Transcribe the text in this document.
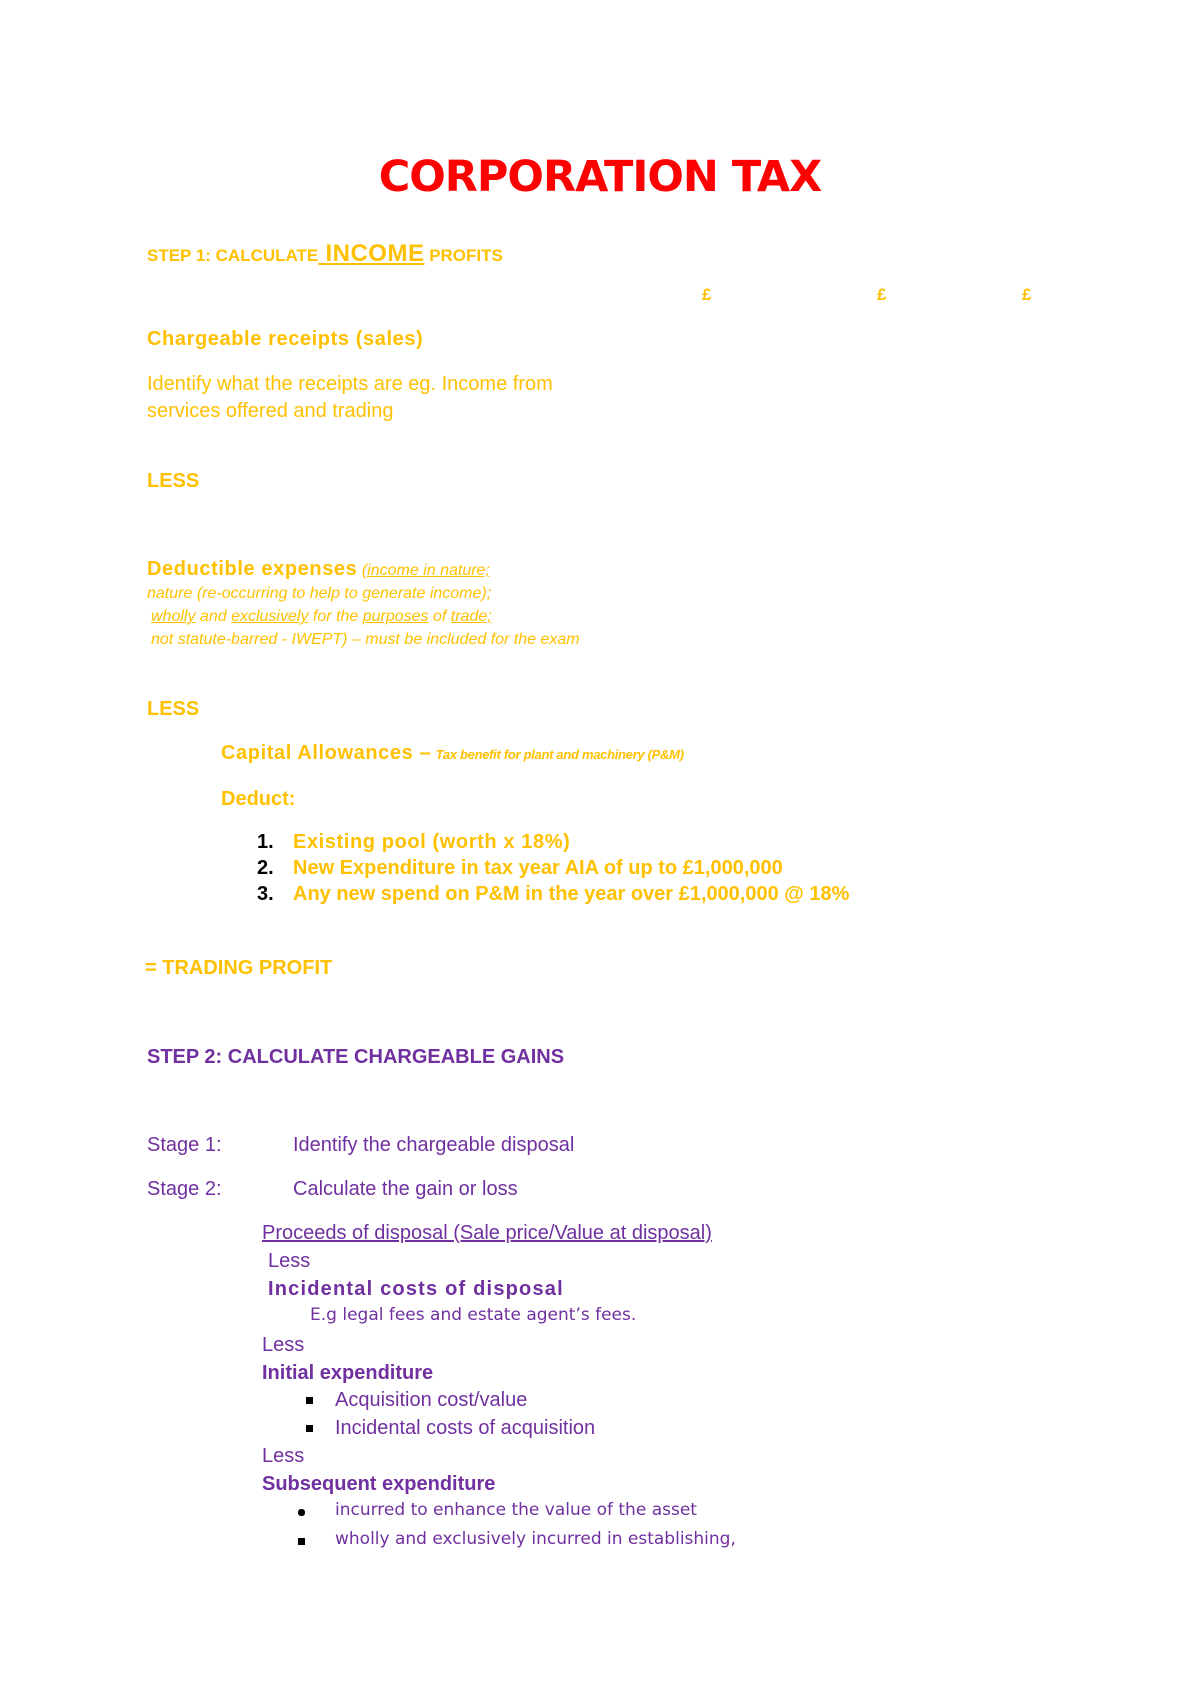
CORPORATION TAX
STEP 1: CALCULATE INCOME PROFITS
£	£	£
Chargeable receipts (sales)
Identify what the receipts are eg. Income from
services offered and trading
LESS
Deductible expenses (income in nature;
nature (re-occurring to help to generate income);
wholly and exclusively for the purposes of trade;
not statute-barred - IWEPT) – must be included for the exam
LESS
Capital Allowances – Tax benefit for plant and machinery (P&M)
Deduct:
1. Existing pool (worth x 18%)
2. New Expenditure in tax year AIA of up to £1,000,000
3. Any new spend on P&M in the year over £1,000,000 @ 18%
= TRADING PROFIT
STEP 2: CALCULATE CHARGEABLE GAINS
Stage 1:	Identify the chargeable disposal
Stage 2:	Calculate the gain or loss
Proceeds of disposal (Sale price/Value at disposal)
Less
Incidental costs of disposal
E.g legal fees and estate agent’s fees.
Less
Initial expenditure
Acquisition cost/value
Incidental costs of acquisition
Less
Subsequent expenditure
incurred to enhance the value of the asset
wholly and exclusively incurred in establishing,
